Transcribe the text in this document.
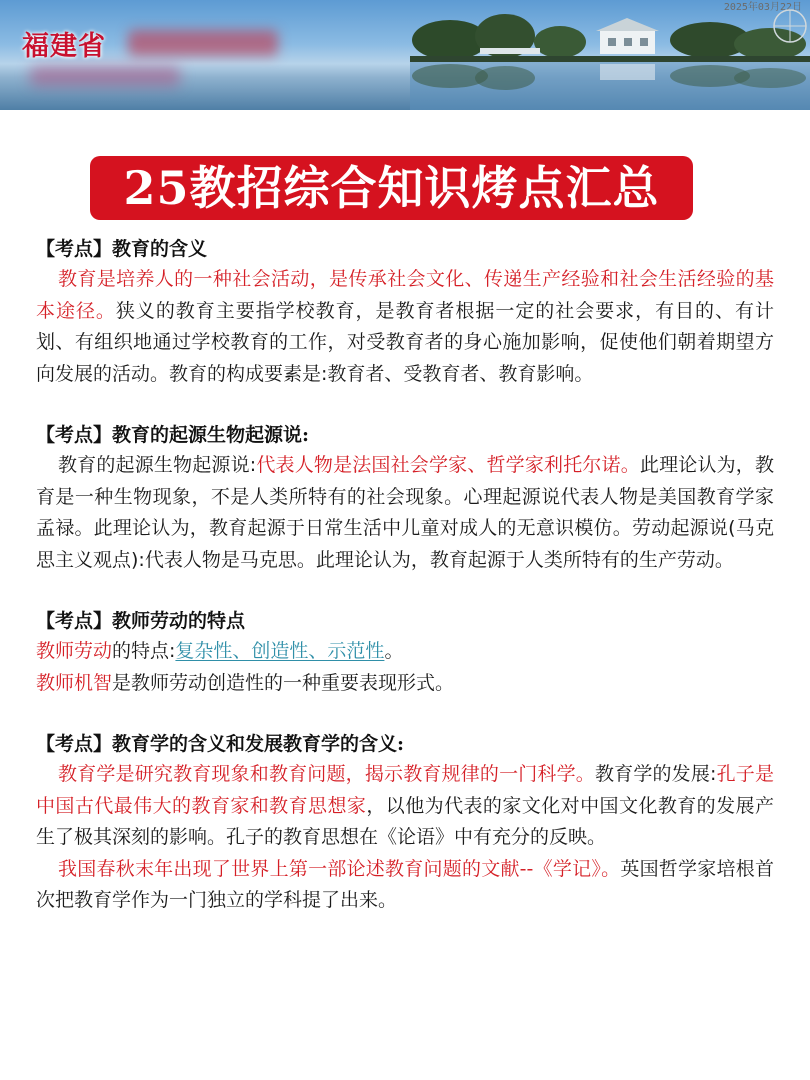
福建省
2025年03月22日
25教招综合知识烤点汇总

【考点】教育的含义

教育是培养人的一种社会活动，是传承社会文化、传递生产经验和社会生活经验的基本途径。狭义的教育主要指学校教育，是教育者根据一定的社会要求，有目的、有计划、有组织地通过学校教育的工作，对受教育者的身心施加影响，促使他们朝着期望方向发展的活动。教育的构成要素是:教育者、受教育者、教育影响。

【考点】教育的起源生物起源说:

教育的起源生物起源说:代表人物是法国社会学家、哲学家利托尔诺。此理论认为，教育是一种生物现象，不是人类所特有的社会现象。心理起源说代表人物是美国教育学家孟禄。此理论认为，教育起源于日常生活中儿童对成人的无意识模仿。劳动起源说(马克思主义观点):代表人物是马克思。此理论认为，教育起源于人类所特有的生产劳动。

【考点】教师劳动的特点

教师劳动的特点:复杂性、创造性、示范性。

教师机智是教师劳动创造性的一种重要表现形式。

【考点】教育学的含义和发展教育学的含义:

教育学是研究教育现象和教育问题，揭示教育规律的一门科学。教育学的发展:孔子是中国古代最伟大的教育家和教育思想家，以他为代表的家文化对中国文化教育的发展产生了极其深刻的影响。孔子的教育思想在《论语》中有充分的反映。

我国春秋末年出现了世界上第一部论述教育问题的文献--《学记》。英国哲学家培根首次把教育学作为一门独立的学科提了出来。
